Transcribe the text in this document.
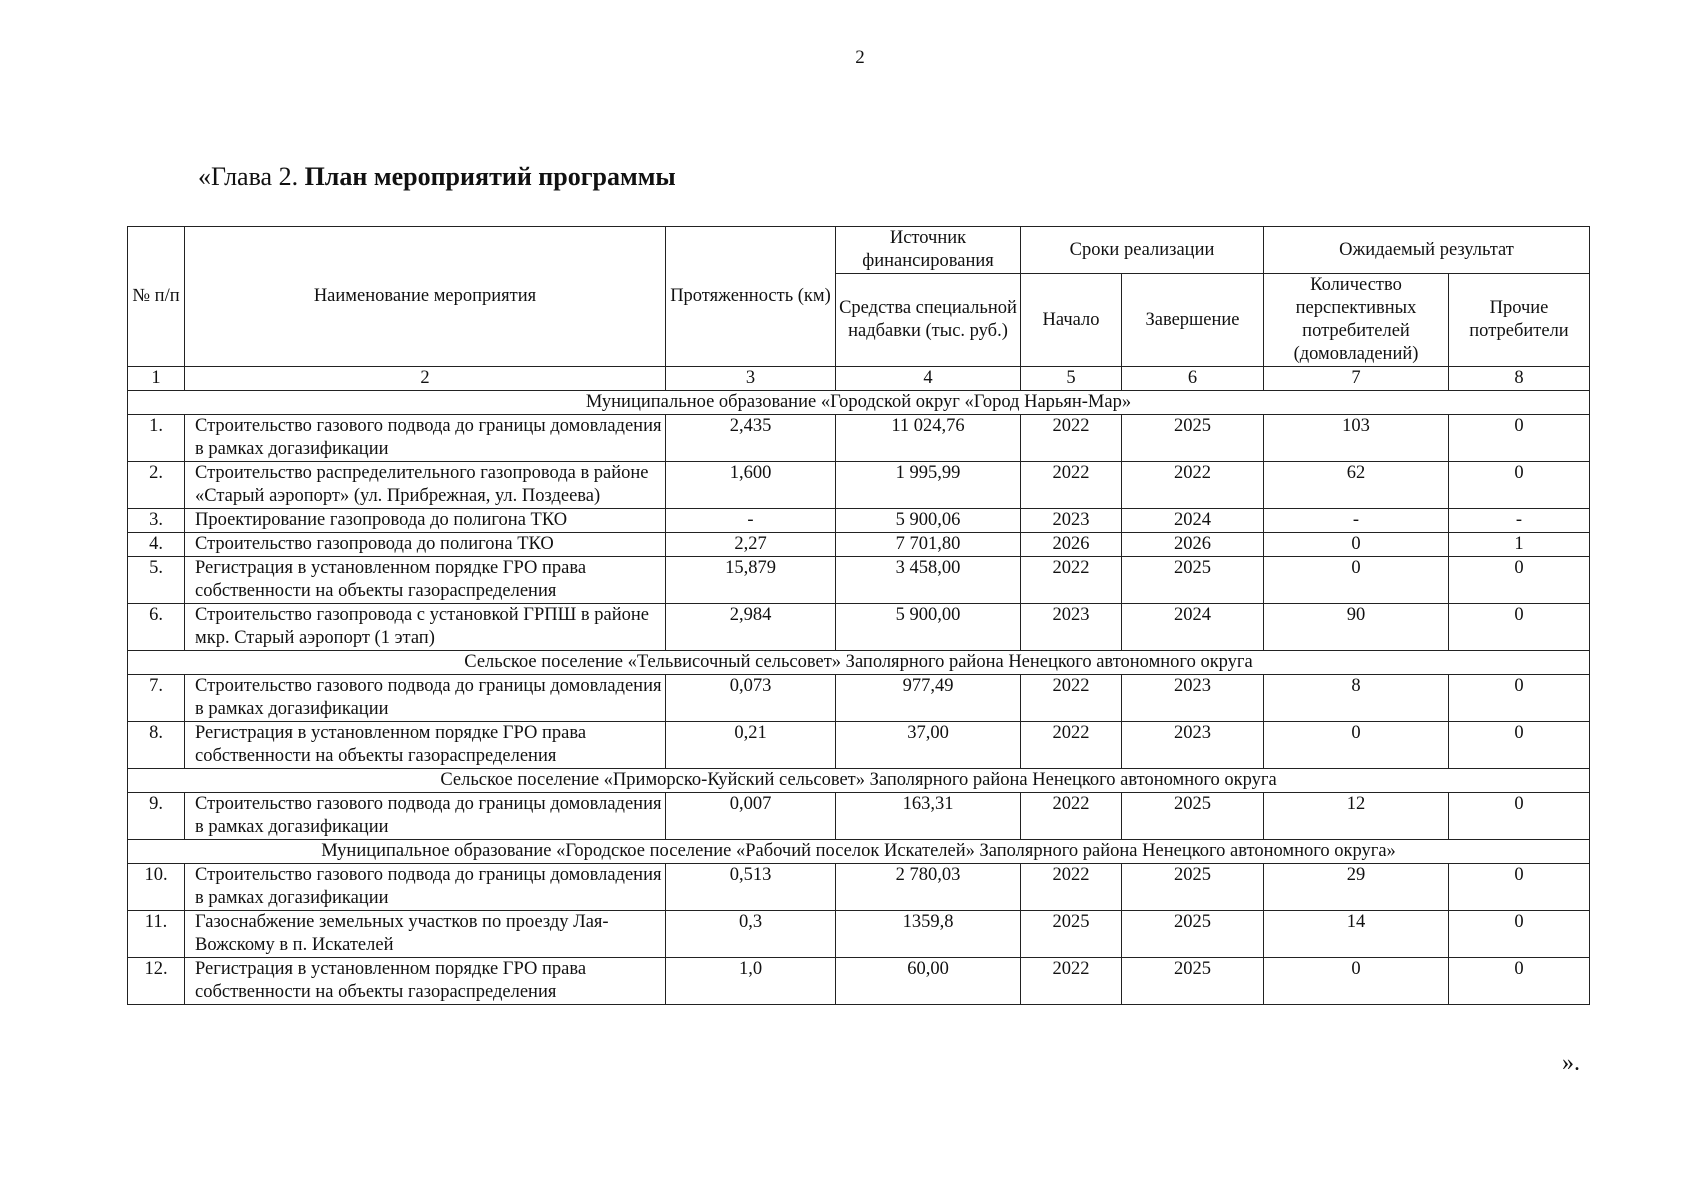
2
«Глава 2. План мероприятий программы
№ п/п	Наименование мероприятия	Протяженность (км)	Источник финансирования	Сроки реализации		Ожидаемый результат	
			Средства специальной надбавки (тыс. руб.)	Начало	Завершение	Количество перспективных потребителей (домовладений)	Прочие потребители
1	2	3	4	5	6	7	8
Муниципальное образование «Городской округ «Город Нарьян-Мар»							
1.	Строительство газового подвода до границы домовладения в рамках догазификации	2,435	11 024,76	2022	2025	103	0
2.	Строительство распределительного газопровода в районе «Старый аэропорт» (ул. Прибрежная, ул. Поздеева)	1,600	1 995,99	2022	2022	62	0
3.	Проектирование газопровода до полигона ТКО	-	5 900,06	2023	2024	-	-
4.	Строительство газопровода до полигона ТКО	2,27	7 701,80	2026	2026	0	1
5.	Регистрация в установленном порядке ГРО права собственности на объекты газораспределения	15,879	3 458,00	2022	2025	0	0
6.	Строительство газопровода с установкой ГРПШ в районе мкр. Старый аэропорт (1 этап)	2,984	5 900,00	2023	2024	90	0
Сельское поселение «Тельвисочный сельсовет» Заполярного района Ненецкого автономного округа							
7.	Строительство газового подвода до границы домовладения в рамках догазификации	0,073	977,49	2022	2023	8	0
8.	Регистрация в установленном порядке ГРО права собственности на объекты газораспределения	0,21	37,00	2022	2023	0	0
Сельское поселение «Приморско-Куйский сельсовет» Заполярного района Ненецкого автономного округа							
9.	Строительство газового подвода до границы домовладения в рамках догазификации	0,007	163,31	2022	2025	12	0
Муниципальное образование «Городское поселение «Рабочий поселок Искателей» Заполярного района Ненецкого автономного округа»							
10.	Строительство газового подвода до границы домовладения в рамках догазификации	0,513	2 780,03	2022	2025	29	0
11.	Газоснабжение земельных участков по проезду Лая-Вожскому в п. Искателей	0,3	1359,8	2025	2025	14	0
12.	Регистрация в установленном порядке ГРО права собственности на объекты газораспределения	1,0	60,00	2022	2025	0	0
».
